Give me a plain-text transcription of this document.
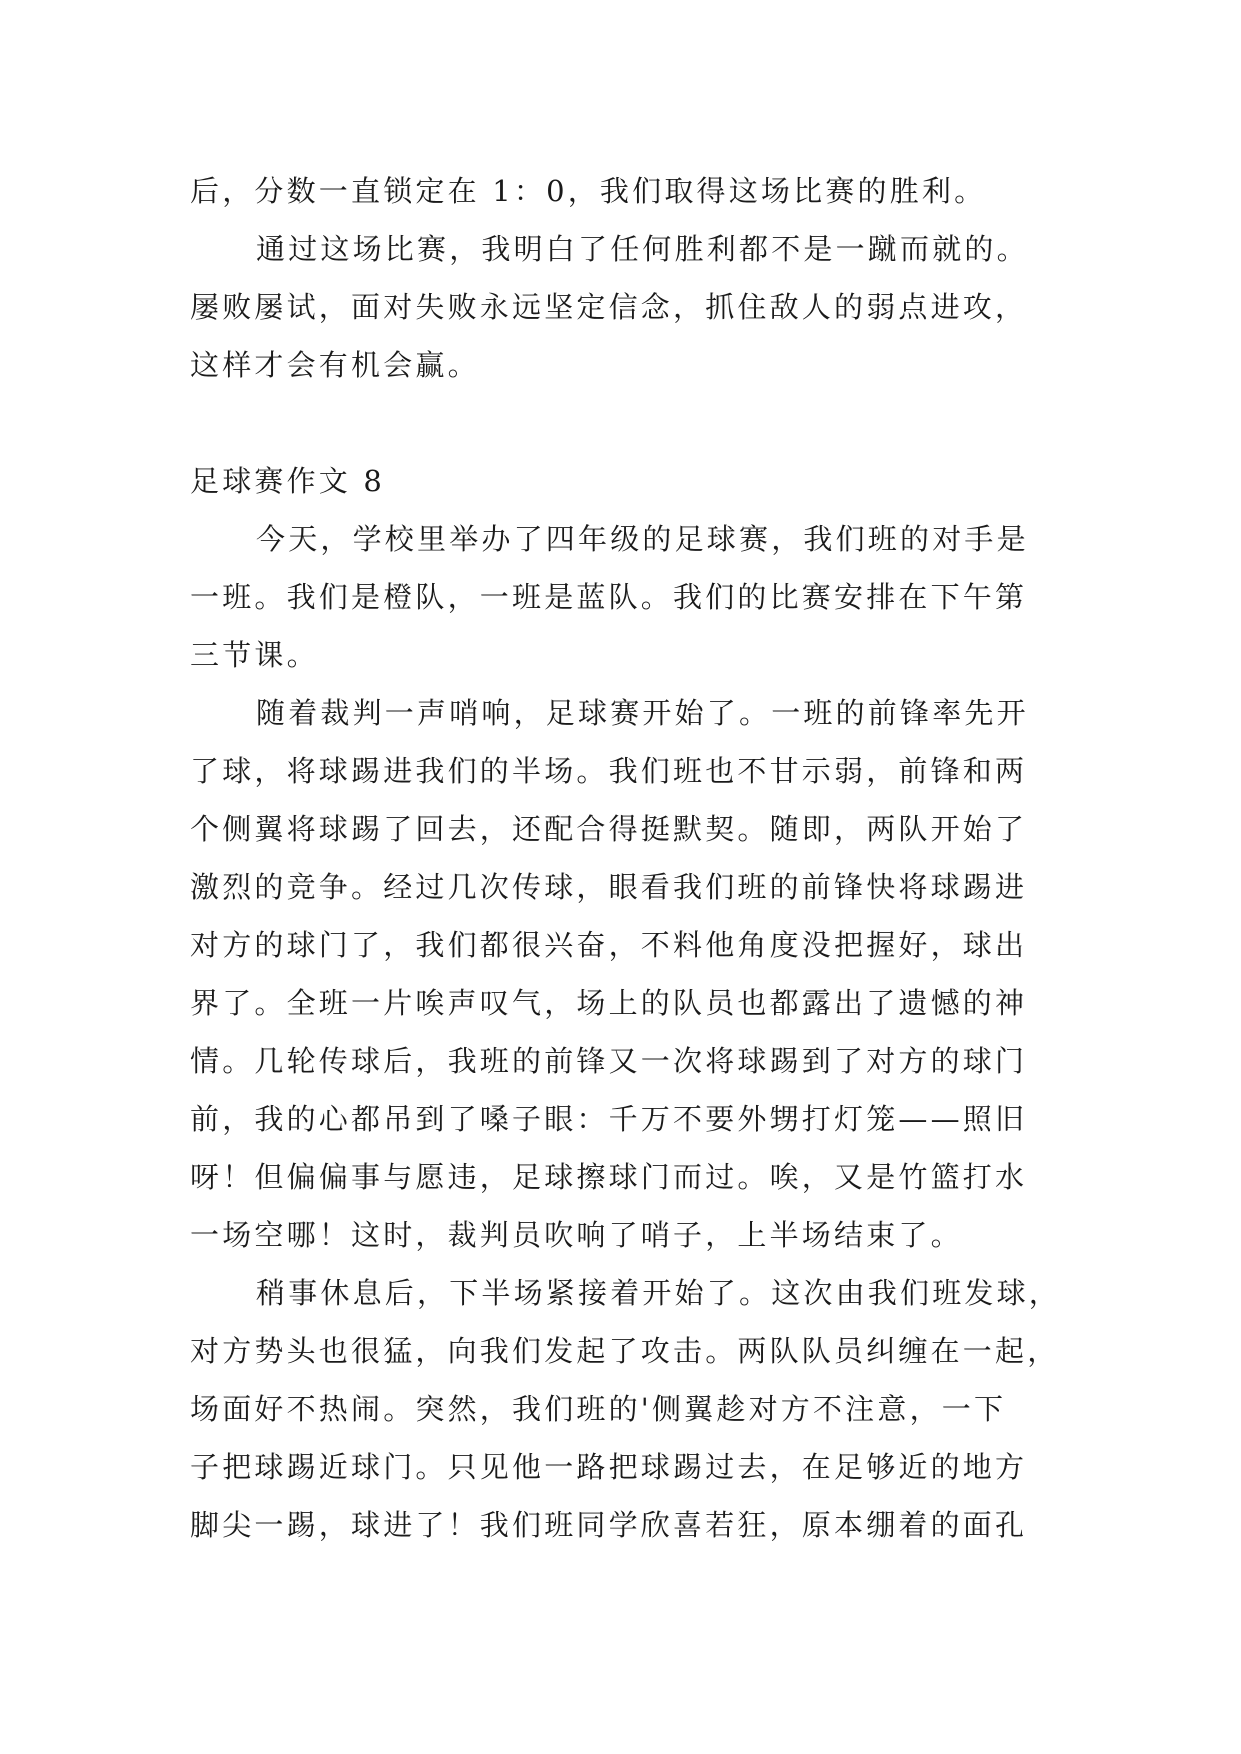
后，分数一直锁定在 1：0，我们取得这场比赛的胜利。
通过这场比赛，我明白了任何胜利都不是一蹴而就的。
屡败屡试，面对失败永远坚定信念，抓住敌人的弱点进攻，
这样才会有机会赢。
足球赛作文 8
今天，学校里举办了四年级的足球赛，我们班的对手是
一班。我们是橙队，一班是蓝队。我们的比赛安排在下午第
三节课。
随着裁判一声哨响，足球赛开始了。一班的前锋率先开
了球，将球踢进我们的半场。我们班也不甘示弱，前锋和两
个侧翼将球踢了回去，还配合得挺默契。随即，两队开始了
激烈的竞争。经过几次传球，眼看我们班的前锋快将球踢进
对方的球门了，我们都很兴奋，不料他角度没把握好，球出
界了。全班一片唉声叹气，场上的队员也都露出了遗憾的神
情。几轮传球后，我班的前锋又一次将球踢到了对方的球门
前，我的心都吊到了嗓子眼：千万不要外甥打灯笼——照旧
呀！但偏偏事与愿违，足球擦球门而过。唉，又是竹篮打水
一场空哪！这时，裁判员吹响了哨子，上半场结束了。
稍事休息后，下半场紧接着开始了。这次由我们班发球，
对方势头也很猛，向我们发起了攻击。两队队员纠缠在一起，
场面好不热闹。突然，我们班的'侧翼趁对方不注意，一下
子把球踢近球门。只见他一路把球踢过去，在足够近的地方
脚尖一踢，球进了！我们班同学欣喜若狂，原本绷着的面孔
